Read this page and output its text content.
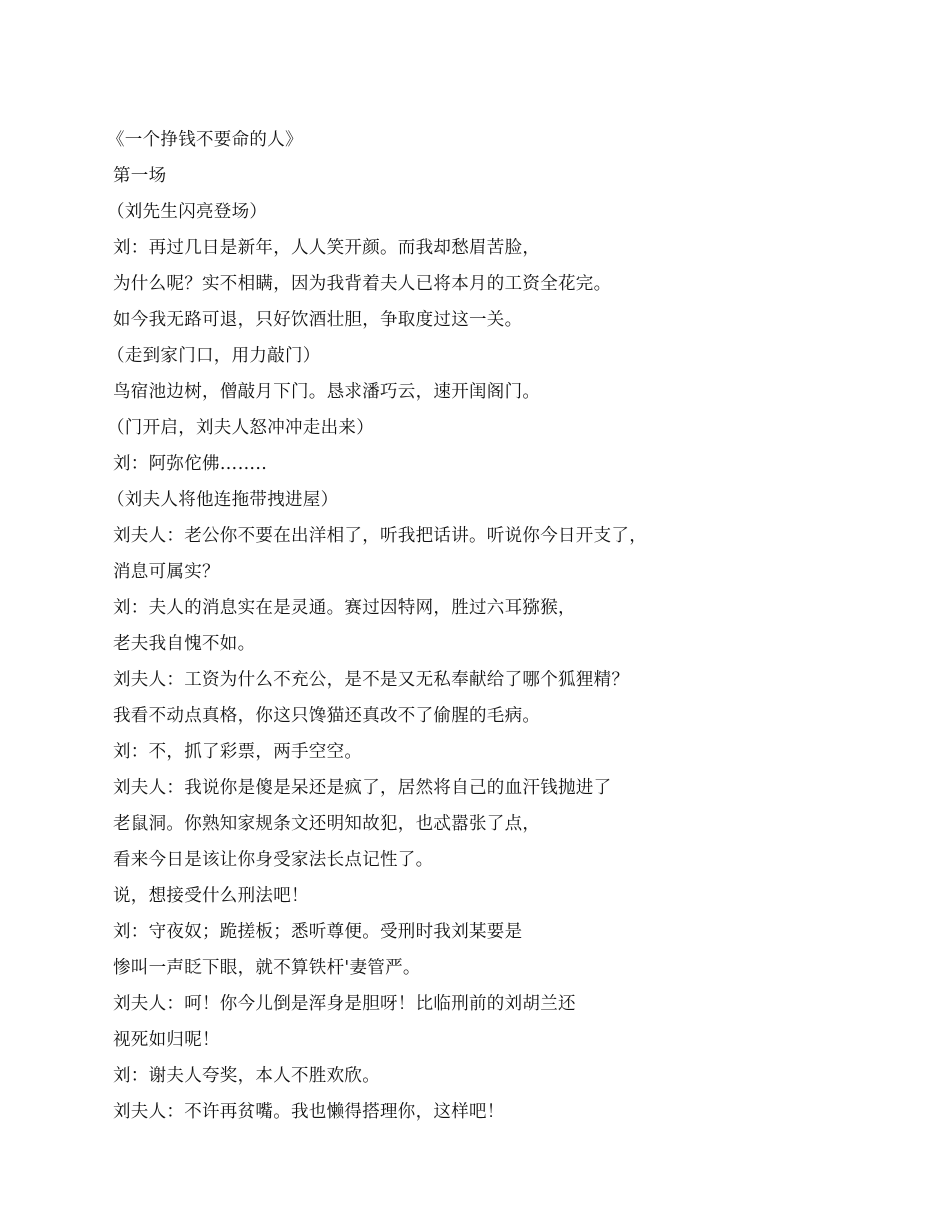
《一个挣钱不要命的人》
第一场
（刘先生闪亮登场）
刘：再过几日是新年，人人笑开颜。而我却愁眉苦脸，
为什么呢？实不相瞒，因为我背着夫人已将本月的工资全花完。
如今我无路可退，只好饮酒壮胆，争取度过这一关。
（走到家门口，用力敲门）
鸟宿池边树，僧敲月下门。恳求潘巧云，速开闺阁门。
（门开启，刘夫人怒冲冲走出来）
刘：阿弥佗佛……..
（刘夫人将他连拖带拽进屋）
刘夫人：老公你不要在出洋相了，听我把话讲。听说你今日开支了，
消息可属实？
刘：夫人的消息实在是灵通。赛过因特网，胜过六耳猕猴，
老夫我自愧不如。
刘夫人：工资为什么不充公，是不是又无私奉献给了哪个狐狸精？
我看不动点真格，你这只馋猫还真改不了偷腥的毛病。
刘：不，抓了彩票，两手空空。
刘夫人：我说你是傻是呆还是疯了，居然将自己的血汗钱抛进了
老鼠洞。你熟知家规条文还明知故犯，也忒嚣张了点，
看来今日是该让你身受家法长点记性了。
说，想接受什么刑法吧！
刘：守夜奴；跪搓板；悉听尊便。受刑时我刘某要是
惨叫一声眨下眼，就不算铁杆'妻管严。
刘夫人：呵！你今儿倒是浑身是胆呀！比临刑前的刘胡兰还
视死如归呢！
刘：谢夫人夸奖，本人不胜欢欣。
刘夫人：不许再贫嘴。我也懒得搭理你，这样吧！
